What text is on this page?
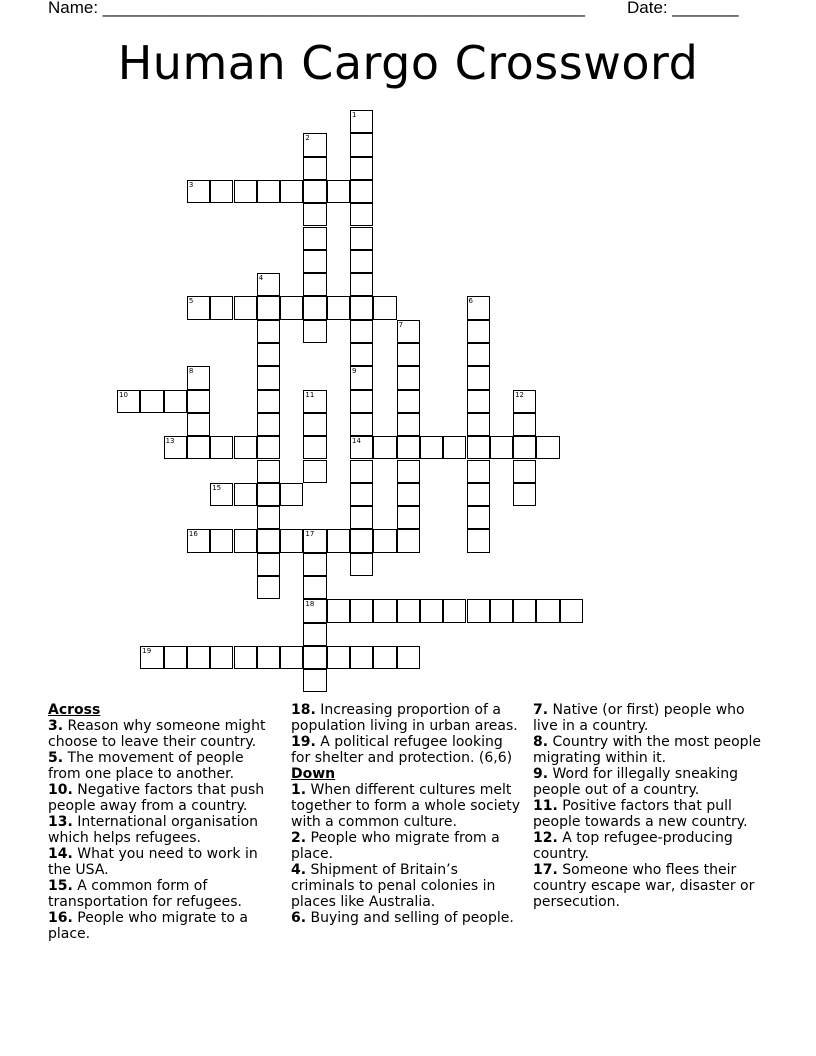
Name: ___________________________________________________ Date: _______
Human Cargo Crossword
1
9
14
2
3
4
5	6
7
8
10	11	12
13
15
16	17
18
19

Across

3. Reason why someone might choose to leave their country.

5. The movement of people from one place to another.

10. Negative factors that push people away from a country.

13. International organisation which helps refugees.

14. What you need to work in the USA.

15. A common form of transportation for refugees.

16. People who migrate to a place.

18. Increasing proportion of a population living in urban areas.

19. A political refugee looking for shelter and protection. (6,6)

Down

1. When different cultures melt together to form a whole society with a common culture.

2. People who migrate from a place.

4. Shipment of Britain’s criminals to penal colonies in places like Australia.

6. Buying and selling of people.

7. Native (or first) people who live in a country.

8. Country with the most people migrating within it.

9. Word for illegally sneaking people out of a country.

11. Positive factors that pull people towards a new country.

12. A top refugee-producing country.

17. Someone who flees their country escape war, disaster or persecution.
